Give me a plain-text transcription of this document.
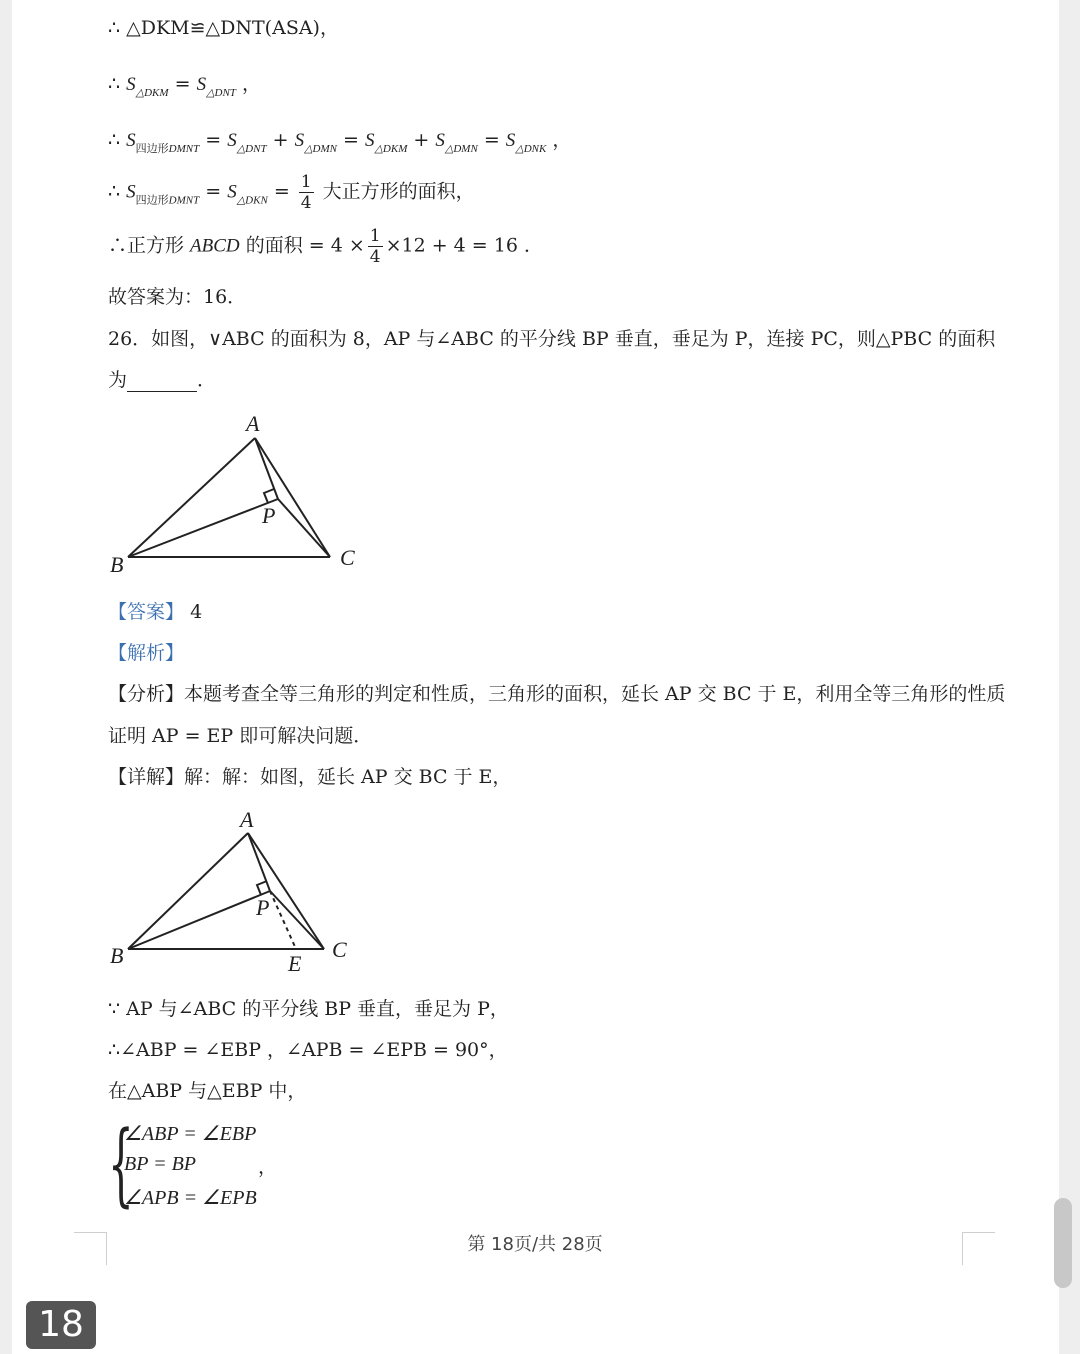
∴ △DKM≌△DNT(ASA)，
∴ $S_{\triangle DKM} = S_{\triangle DNT}$ ，
∴ $S_{四边形DMNT} = S_{\triangle DNT} + S_{\triangle DMN} = S_{\triangle DKM} + S_{\triangle DMN} = S_{\triangle DNK}$ ，
∴ $S_{四边形DMNT} = S_{\triangle DKN} = \frac{1}{4}$ 大正方形的面积，
∴正方形 ABCD 的面积 = $4 \times \frac{1}{4} \times 12 + 4 = 16$ ．
故答案为：16．
26．如图，∨ABC 的面积为 8，AP 与∠ABC 的平分线 BP 垂直，垂足为 P，连接 PC，则△PBC 的面积
为	．
A
B	C
P
【答案】 4
【解析】
【分析】本题考查全等三角形的判定和性质，三角形的面积，延长 AP 交 BC 于 E，利用全等三角形的性质
证明 AP = EP 即可解决问题．
【详解】解：解：如图，延长 AP 交 BC 于 E，
A
B	C
P
E
∵ AP 与∠ABC 的平分线 BP 垂直，垂足为 P，
∴∠ABP = ∠EBP ，∠APB = ∠EPB = 90°，
在△ABP 与△EBP 中，
{
∠ABP = ∠EBP
BP = BP
∠APB = ∠EPB
，
第 18页/共 28页
18
